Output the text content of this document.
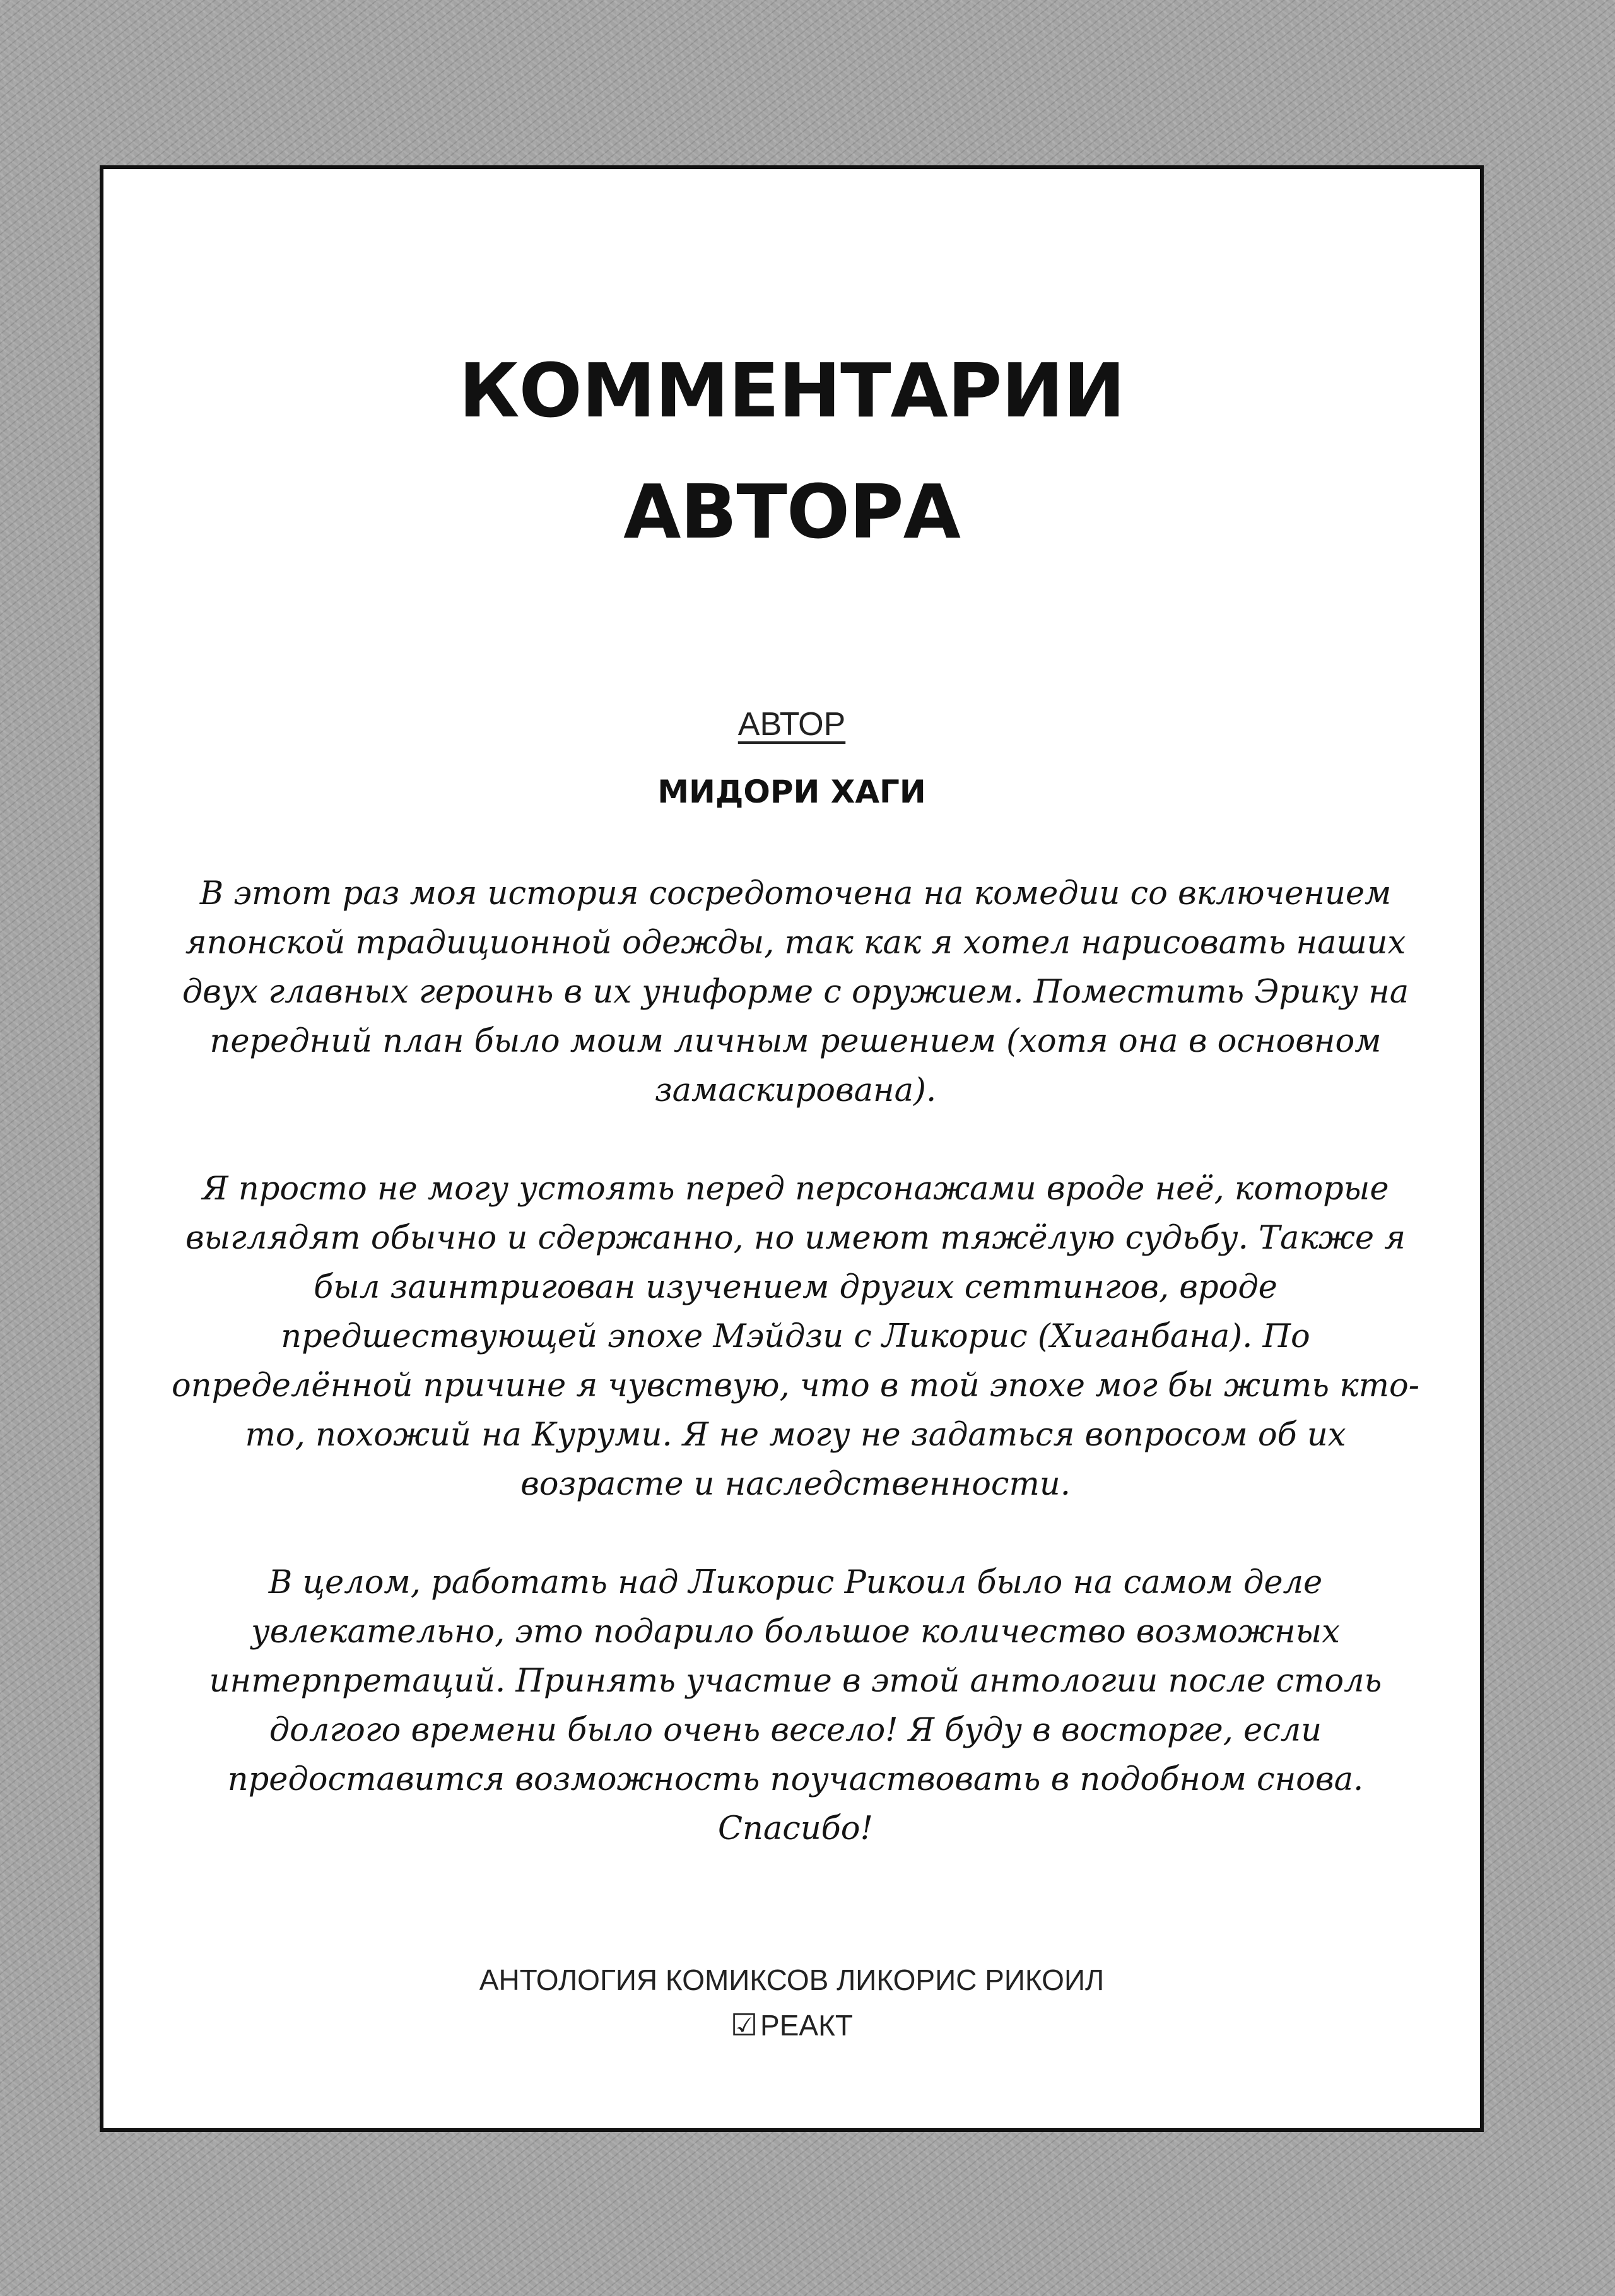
КОММЕНТАРИИ
АВТОРА
АВТОР
МИДОРИ ХАГИ

В этот раз моя история сосредоточена на комедии со включением японской традиционной одежды, так как я хотел нарисовать наших двух главных героинь в их униформе с оружием. Поместить Эрику на передний план было моим личным решением (хотя она в основном замаскирована).

Я просто не могу устоять перед персонажами вроде неё, которые выглядят обычно и сдержанно, но имеют тяжёлую судьбу. Также я был заинтригован изучением других сеттингов, вроде предшествующей эпохе Мэйдзи с Ликорис (Хиганбана). По определённой причине я чувствую, что в той эпохе мог бы жить кто-то, похожий на Куруми. Я не могу не задаться вопросом об их возрасте и наследственности.

В целом, работать над Ликорис Рикоил было на самом деле увлекательно, это подарило большое количество возможных интерпретаций. Принять участие в этой антологии после столь долгого времени было очень весело! Я буду в восторге, если предоставится возможность поучаствовать в подобном снова. Спасибо!

АНТОЛОГИЯ КОМИКСОВ ЛИКОРИС РИКОИЛ
☑РЕАКТ
